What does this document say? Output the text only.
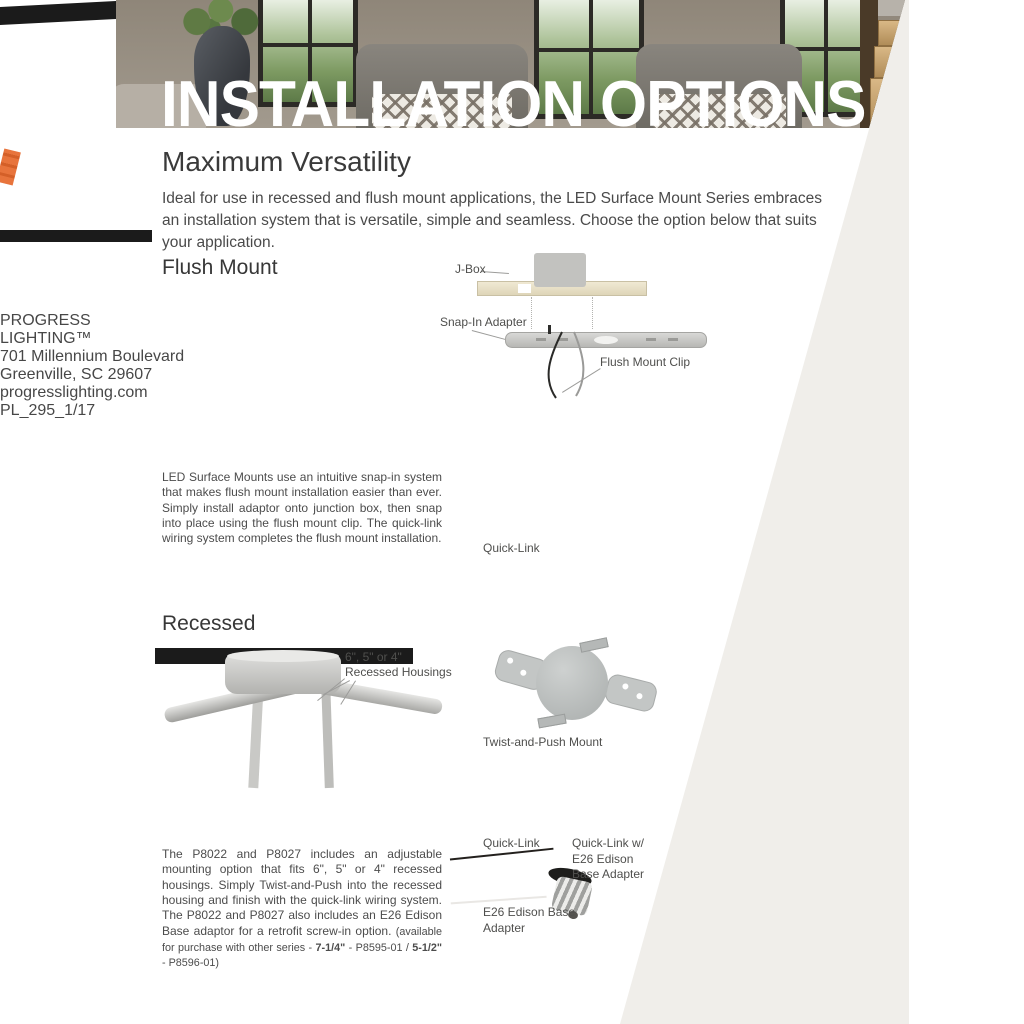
INSTALLATION OPTIONS
Maximum Versatility
Ideal for use in recessed and flush mount applications, the LED Surface Mount Series embraces an installation system that is versatile, simple and seamless. Choose the option below that suits your application.
Flush Mount	J-Box
Snap-In Adapter
Flush Mount Clip
Quick-Link
LED Surface Mounts use an intuitive snap-in system that makes flush mount installation easier than ever. Simply install adaptor onto junction box, then snap into place using the flush mount clip. The quick-link wiring system completes the flush mount installation.
Recessed
6", 5" or 4"
Recessed Housings
Twist-and-Push Mount
Quick-Link	Quick-Link w/ E26 Edison Base Adapter
E26 Edison Base Adapter
The P8022 and P8027 includes an adjustable mounting option that fits 6", 5" or 4" recessed housings. Simply Twist-and-Push into the recessed housing and finish with the quick-link wiring system. The P8022 and P8027 also includes an E26 Edison Base adaptor for a retrofit screw-in option. (available for purchase with other series - 7-1/4" - P8595-01 / 5-1/2" - P8596-01)
PROGRESS
LIGHTING™
701 Millennium Boulevard
Greenville, SC 29607
progresslighting.com
PL_295_1/17
